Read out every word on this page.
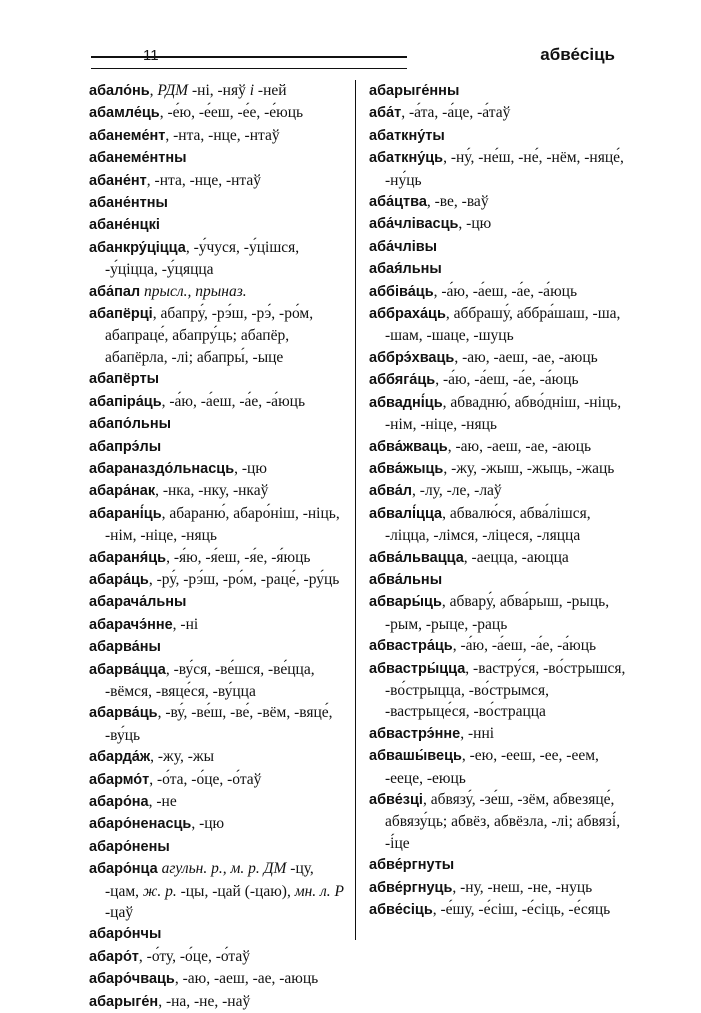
11	абве́сіць

абало́нь, РДМ -ні, -няў і -ней

абамле́ць, -е́ю, -е́еш, -е́е, -е́юць

абанеме́нт, -нта, -нце, -нтаў

абанеме́нтны

абане́нт, -нта, -нце, -нтаў

абане́нтны

абане́нцкі

абанкру́ціцца, -у́чуся, -у́цішся, -у́ціцца, -у́цяцца

аба́пал прысл., прыназ.

абапёрці, абапру́, -рэ́ш, -рэ́, -ро́м, абапраце́, абапру́ць; абапёр, абапёрла, -лі; абапры́, -ыце

абапёрты

абапіра́ць, -а́ю, -а́еш, -а́е, -а́юць

абапо́льны

абапрэ́лы

абараназдо́льнасць, -цю

абара́нак, -нка, -нку, -нкаў

абарані́ць, абараню́, абаро́ніш, -ніць, -нім, -ніце, -няць

абараня́ць, -я́ю, -я́еш, -я́е, -я́юць

абара́ць, -ру́, -рэ́ш, -ро́м, -раце́, -ру́ць

абарача́льны

абарачэ́нне, -ні

абарва́ны

абарва́цца, -ву́ся, -ве́шся, -ве́цца, -вёмся, -вяце́ся, -ву́цца

абарва́ць, -ву́, -ве́ш, -ве́, -вём, -вяце́, -ву́ць

абарда́ж, -жу, -жы

абармо́т, -о́та, -о́це, -о́таў

абаро́на, -не

абаро́ненасць, -цю

абаро́нены

абаро́нца агульн. р., м. р. ДМ -цу, -цам, ж. р. -цы, -цай (-цаю), мн. л. Р -цаў

абаро́нчы

абаро́т, -о́ту, -о́це, -о́таў

абаро́чваць, -аю, -аеш, -ае, -аюць

абарыге́н, -на, -не, -наў

абарыге́нны

аба́т, -а́та, -а́це, -а́таў

абаткну́ты

абаткну́ць, -ну́, -не́ш, -не́, -нём, -няце́, -ну́ць

аба́цтва, -ве, -ваў

аба́члівасць, -цю

аба́члівы

абая́льны

аббіва́ць, -а́ю, -а́еш, -а́е, -а́юць

аббраха́ць, аббрашу́, аббра́шаш, -ша, -шам, -шаце, -шуць

аббрэ́хваць, -аю, -аеш, -ае, -аюць

аббяга́ць, -а́ю, -а́еш, -а́е, -а́юць

абвадні́ць, абвадню́, абво́дніш, -ніць, -нім, -ніце, -няць

абва́жваць, -аю, -аеш, -ае, -аюць

абва́жыць, -жу, -жыш, -жыць, -жаць

абва́л, -лу, -ле, -лаў

абвалі́цца, абвалю́ся, абва́лішся, -ліцца, -лімся, -ліцеся, -ляцца

абва́львацца, -аецца, -аюцца

абва́льны

абвары́ць, абвару́, абва́рыш, -рыць, -рым, -рыце, -раць

абвастра́ць, -а́ю, -а́еш, -а́е, -а́юць

абвастры́цца, -вастру́ся, -во́стрышся, -во́стрыцца, -во́стрымся, -вастрыце́ся, -во́страцца

абвастрэ́нне, -нні

абвашы́вець, -ею, -ееш, -ее, -еем, -ееце, -еюць

абве́зці, абвязу́, -зе́ш, -зём, абвезяце́, абвязу́ць; абвёз, абвёзла, -лі; абвязі́, -і́це

абве́ргнуты

абве́ргнуць, -ну, -неш, -не, -нуць

абве́сіць, -е́шу, -е́сіш, -е́сіць, -е́сяць
